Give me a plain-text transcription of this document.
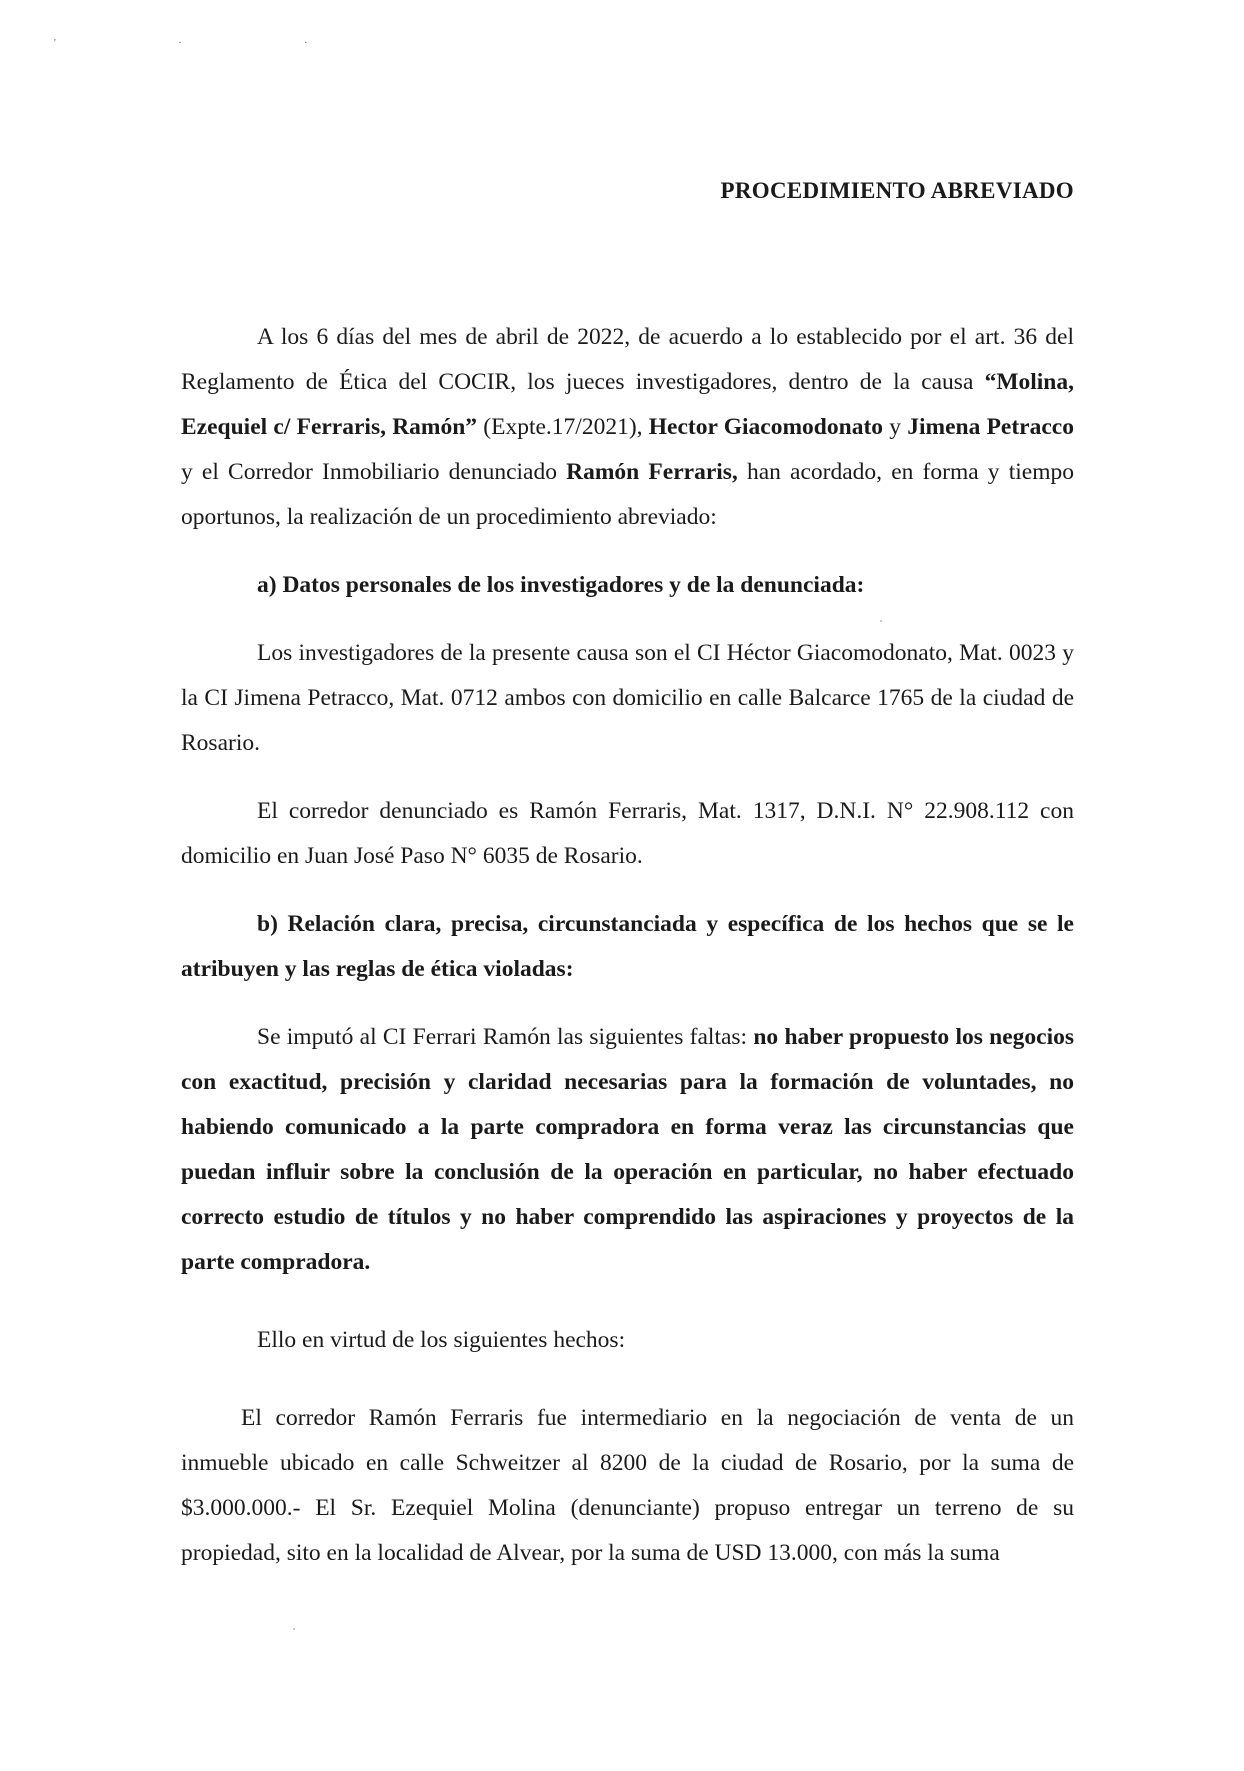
' · ·
PROCEDIMIENTO ABREVIADO

A los 6 días del mes de abril de 2022, de acuerdo a lo establecido por el art. 36 del Reglamento de Ética del COCIR, los jueces investigadores, dentro de la causa “Molina, Ezequiel c/ Ferraris, Ramón” (Expte.17/2021), Hector Giacomodonato y Jimena Petracco y el Corredor Inmobiliario denunciado Ramón Ferraris, han acordado, en forma y tiempo oportunos, la realización de un procedimiento abreviado:

a) Datos personales de los investigadores y de la denunciada:

Los investigadores de la presente causa son el CI Héctor Giacomodonato, Mat. 0023 y la CI Jimena Petracco, Mat. 0712 ambos con domicilio en calle Balcarce 1765 de la ciudad de Rosario.

El corredor denunciado es Ramón Ferraris, Mat. 1317, D.N.I. N° 22.908.112 con domicilio en Juan José Paso N° 6035 de Rosario.

b) Relación clara, precisa, circunstanciada y específica de los hechos que se le atribuyen y las reglas de ética violadas:

Se imputó al CI Ferrari Ramón las siguientes faltas: no haber propuesto los negocios con exactitud, precisión y claridad necesarias para la formación de voluntades, no habiendo comunicado a la parte compradora en forma veraz las circunstancias que puedan influir sobre la conclusión de la operación en particular, no haber efectuado correcto estudio de títulos y no haber comprendido las aspiraciones y proyectos de la parte compradora.

Ello en virtud de los siguientes hechos:

El corredor Ramón Ferraris fue intermediario en la negociación de venta de un inmueble ubicado en calle Schweitzer al 8200 de la ciudad de Rosario, por la suma de $3.000.000.- El Sr. Ezequiel Molina (denunciante) propuso entregar un terreno de su propiedad, sito en la localidad de Alvear, por la suma de USD 13.000, con más la suma
